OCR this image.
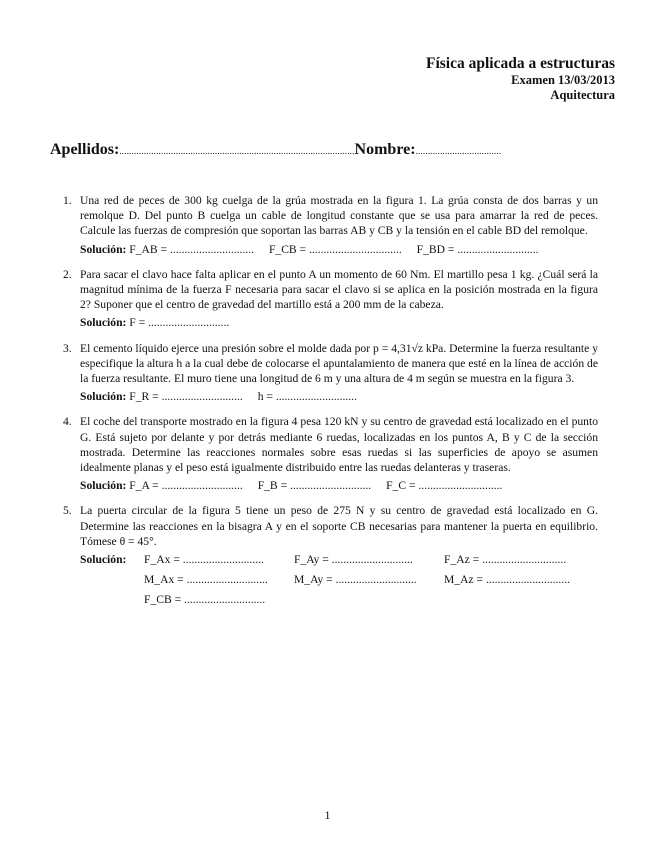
Física aplicada a estructuras
Examen 13/03/2013
Aquitectura
Apellidos:................................................................................................Nombre:...................................
1. Una red de peces de 300 kg cuelga de la grúa mostrada en la figura 1. La grúa consta de dos barras y un remolque D. Del punto B cuelga un cable de longitud constante que se usa para amarrar la red de peces. Calcule las fuerzas de compresión que soportan las barras AB y CB y la tensión en el cable BD del remolque.
Solución: F_AB = ............................. F_CB = ................................ F_BD = ............................
2. Para sacar el clavo hace falta aplicar en el punto A un momento de 60 Nm. El martillo pesa 1 kg. ¿Cuál será la magnitud mínima de la fuerza F necesaria para sacar el clavo si se aplica en la posición mostrada en la figura 2? Suponer que el centro de gravedad del martillo está a 200 mm de la cabeza.
Solución: F = ............................
3. El cemento líquido ejerce una presión sobre el molde dada por p = 4,31√z kPa. Determine la fuerza resultante y especifique la altura h a la cual debe de colocarse el apuntalamiento de manera que esté en la línea de acción de la fuerza resultante. El muro tiene una longitud de 6 m y una altura de 4 m según se muestra en la figura 3.
Solución: F_R = ............................ h = ............................
4. El coche del transporte mostrado en la figura 4 pesa 120 kN y su centro de gravedad está localizado en el punto G. Está sujeto por delante y por detrás mediante 6 ruedas, localizadas en los puntos A, B y C de la sección mostrada. Determine las reacciones normales sobre esas ruedas si las superficies de apoyo se asumen idealmente planas y el peso está igualmente distribuido entre las ruedas delanteras y traseras.
Solución: F_A = ............................ F_B = ............................ F_C = .............................
5. La puerta circular de la figura 5 tiene un peso de 275 N y su centro de gravedad está localizado en G. Determine las reacciones en la bisagra A y en el soporte CB necesarias para mantener la puerta en equilibrio. Tómese θ = 45°.
Solución:	F_Ax = ............................	F_Ay = ............................	F_Az = .............................
M_Ax = ............................	M_Ay = ............................	M_Az = .............................
F_CB = ............................
1
